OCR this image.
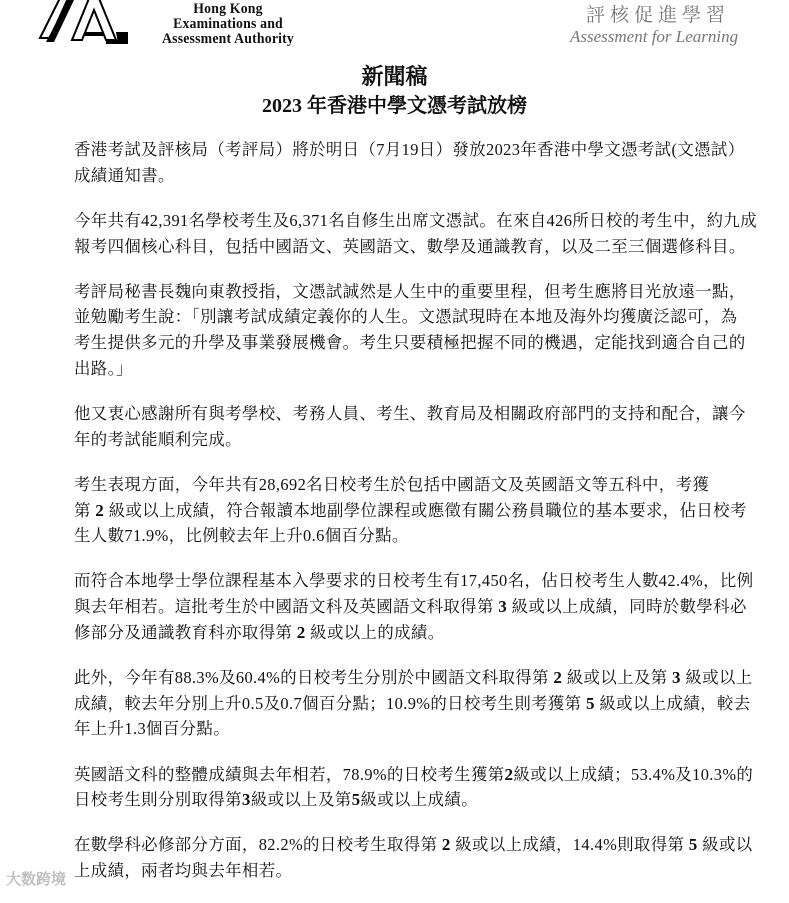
Hong Kong
Examinations and
Assessment Authority
評核促進學習
Assessment for Learning
新聞稿
2023 年香港中學文憑考試放榜
香港考試及評核局（考評局）將於明日（7月19日）發放2023年香港中學文憑考試(文憑試）
成績通知書。
今年共有42,391名學校考生及6,371名自修生出席文憑試。在來自426所日校的考生中，約九成
報考四個核心科目，包括中國語文、英國語文、數學及通識教育，以及二至三個選修科目。
考評局秘書長魏向東教授指，文憑試誠然是人生中的重要里程，但考生應將目光放遠一點，
並勉勵考生說：「別讓考試成績定義你的人生。文憑試現時在本地及海外均獲廣泛認可，為
考生提供多元的升學及事業發展機會。考生只要積極把握不同的機遇，定能找到適合自己的
出路。」
他又衷心感謝所有與考學校、考務人員、考生、教育局及相關政府部門的支持和配合，讓今
年的考試能順利完成。
考生表現方面，今年共有28,692名日校考生於包括中國語文及英國語文等五科中，考獲
第 2 級或以上成績，符合報讀本地副學位課程或應徵有關公務員職位的基本要求，佔日校考
生人數71.9%，比例較去年上升0.6個百分點。
而符合本地學士學位課程基本入學要求的日校考生有17,450名，佔日校考生人數42.4%，比例
與去年相若。這批考生於中國語文科及英國語文科取得第 3 級或以上成績，同時於數學科必
修部分及通識教育科亦取得第 2 級或以上的成績。
此外，今年有88.3%及60.4%的日校考生分別於中國語文科取得第 2 級或以上及第 3 級或以上
成績，較去年分別上升0.5及0.7個百分點；10.9%的日校考生則考獲第 5 級或以上成績，較去
年上升1.3個百分點。
英國語文科的整體成績與去年相若，78.9%的日校考生獲第2級或以上成績；53.4%及10.3%的
日校考生則分別取得第3級或以上及第5級或以上成績。
在數學科必修部分方面，82.2%的日校考生取得第 2 級或以上成績，14.4%則取得第 5 級或以
上成績，兩者均與去年相若。
大数跨境
